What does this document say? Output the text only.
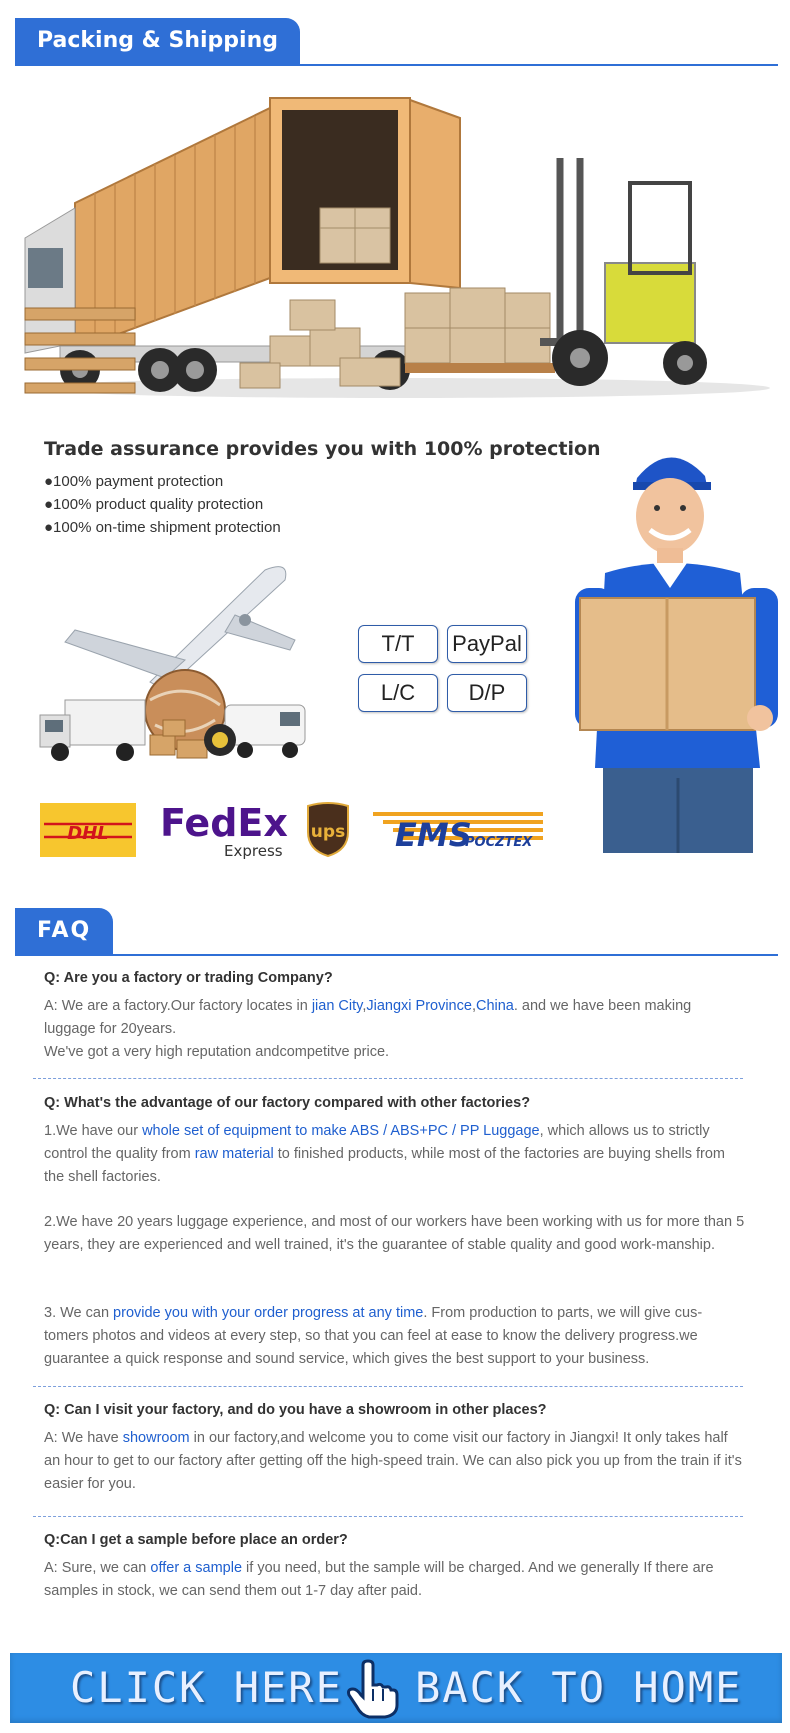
Packing & Shipping
Trade assurance provides you with 100% protection
●100% payment protection
●100% product quality protection
●100% on-time shipment protection
T/T	PayPal
L/C	D/P
DHL FedEx
Express
ups EMS
POCZTEX
FAQ
Q: Are you a factory or trading Company?

A: We are a factory.Our factory locates in jian City,Jiangxi Province,China. and we have been making luggage for 20years.
We've got a very high reputation andcompetitve price.

Q: What's the advantage of our factory compared with other factories?

1.We have our whole set of equipment to make ABS / ABS+PC / PP Luggage, which allows us to strictly control the quality from raw material to finished products, while most of the factories are buying shells from the shell factories.

2.We have 20 years luggage experience, and most of our workers have been working with us for more than 5 years, they are experienced and well trained, it's the guarantee of stable quality and good work-manship.

3. We can provide you with your order progress at any time. From production to parts, we will give cus-tomers photos and videos at every step, so that you can feel at ease to know the delivery progress.we guarantee a quick response and sound service, which gives the best support to your business.

Q: Can I visit your factory, and do you have a showroom in other places?

A: We have showroom in our factory,and welcome you to come visit our factory in Jiangxi! It only takes half an hour to get to our factory after getting off the high-speed train. We can also pick you up from the train if it's easier for you.

Q:Can I get a sample before place an order?

A: Sure, we can offer a sample if you need, but the sample will be charged. And we generally If there are samples in stock, we can send them out 1-7 day after paid.

CLICK HERE BACK TO HOME
